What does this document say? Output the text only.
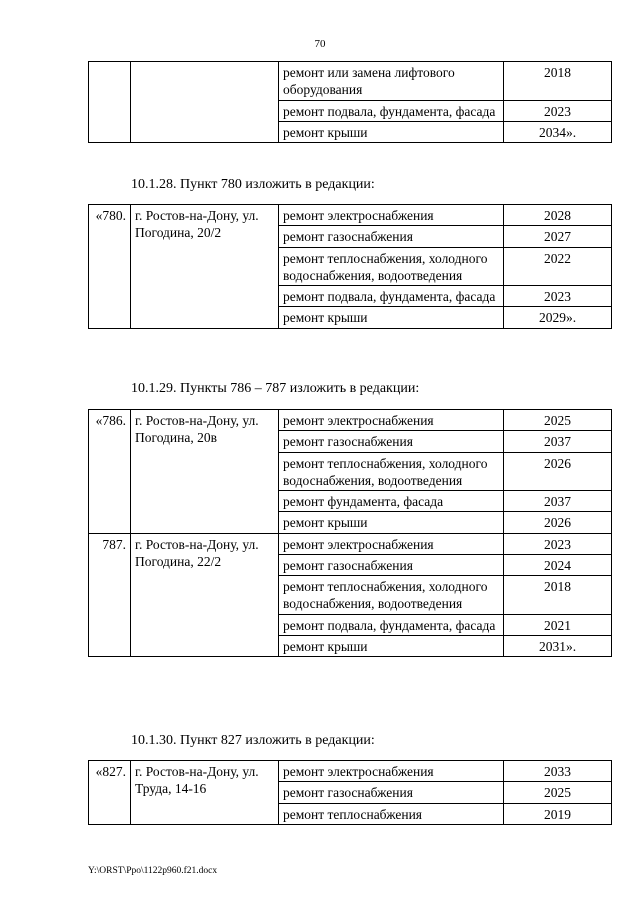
70
		ремонт или замена лифтового оборудования	2018
		ремонт подвала, фундамента, фасада	2023
		ремонт крыши	2034».
10.1.28. Пункт 780 изложить в редакции:
«780.	г. Ростов-на-Дону, ул. Погодина, 20/2	ремонт электроснабжения	2028
		ремонт газоснабжения	2027
		ремонт теплоснабжения, холодного водоснабжения, водоотведения	2022
		ремонт подвала, фундамента, фасада	2023
		ремонт крыши	2029».
10.1.29. Пункты 786 – 787 изложить в редакции:
«786.	г. Ростов-на-Дону, ул. Погодина, 20в	ремонт электроснабжения	2025
		ремонт газоснабжения	2037
		ремонт теплоснабжения, холодного водоснабжения, водоотведения	2026
		ремонт фундамента, фасада	2037
		ремонт крыши	2026
787.	г. Ростов-на-Дону, ул. Погодина, 22/2	ремонт электроснабжения	2023
		ремонт газоснабжения	2024
		ремонт теплоснабжения, холодного водоснабжения, водоотведения	2018
		ремонт подвала, фундамента, фасада	2021
		ремонт крыши	2031».
10.1.30. Пункт 827 изложить в редакции:
«827.	г. Ростов-на-Дону, ул. Труда, 14-16	ремонт электроснабжения	2033
		ремонт газоснабжения	2025
		ремонт теплоснабжения	2019
Y:\ORST\Ppo\1122p960.f21.docx
